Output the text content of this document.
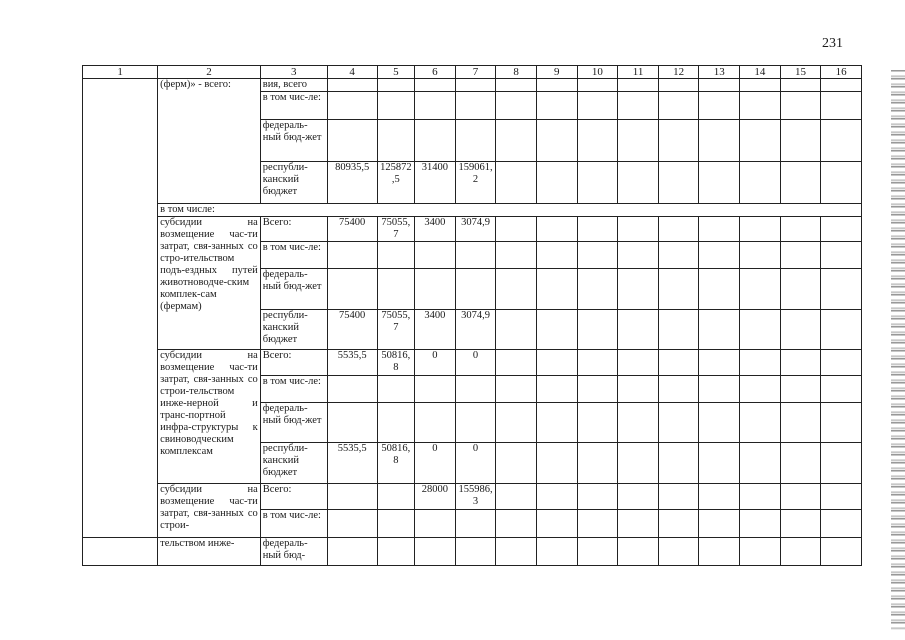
231
1	2	3	4	5	6	7	8	9	10	11	12	13	14	15	16
	(ферм)» - всего:	вия, всего													
		в том чис-ле:													
		федераль-ный бюд-жет													
		республи-канский бюджет	80935,5	125872,5	31400	159061,2									
	в том числе:														
	субсидии на возмещение час-ти затрат, свя-занных со стро-ительством подъ-ездных путей животноводче-ским комплек-сам (фермам)	Всего:	75400	75055,7	3400	3074,9									
		в том чис-ле:													
		федераль-ный бюд-жет													
		республи-канский бюджет	75400	75055,7	3400	3074,9									
	субсидии на возмещение час-ти затрат, свя-занных со строи-тельством инже-нерной и транс-портной инфра-структуры к свиноводческим комплексам	Всего:	5535,5	50816,8	0	0									
		в том чис-ле:													
		федераль-ный бюд-жет													
		республи-канский бюджет	5535,5	50816,8	0	0									
	субсидии на возмещение час-ти затрат, свя-занных со строи-	Всего:			28000	155986,3									
		в том чис-ле:													
	тельством инже-	федераль-ный бюд-													
